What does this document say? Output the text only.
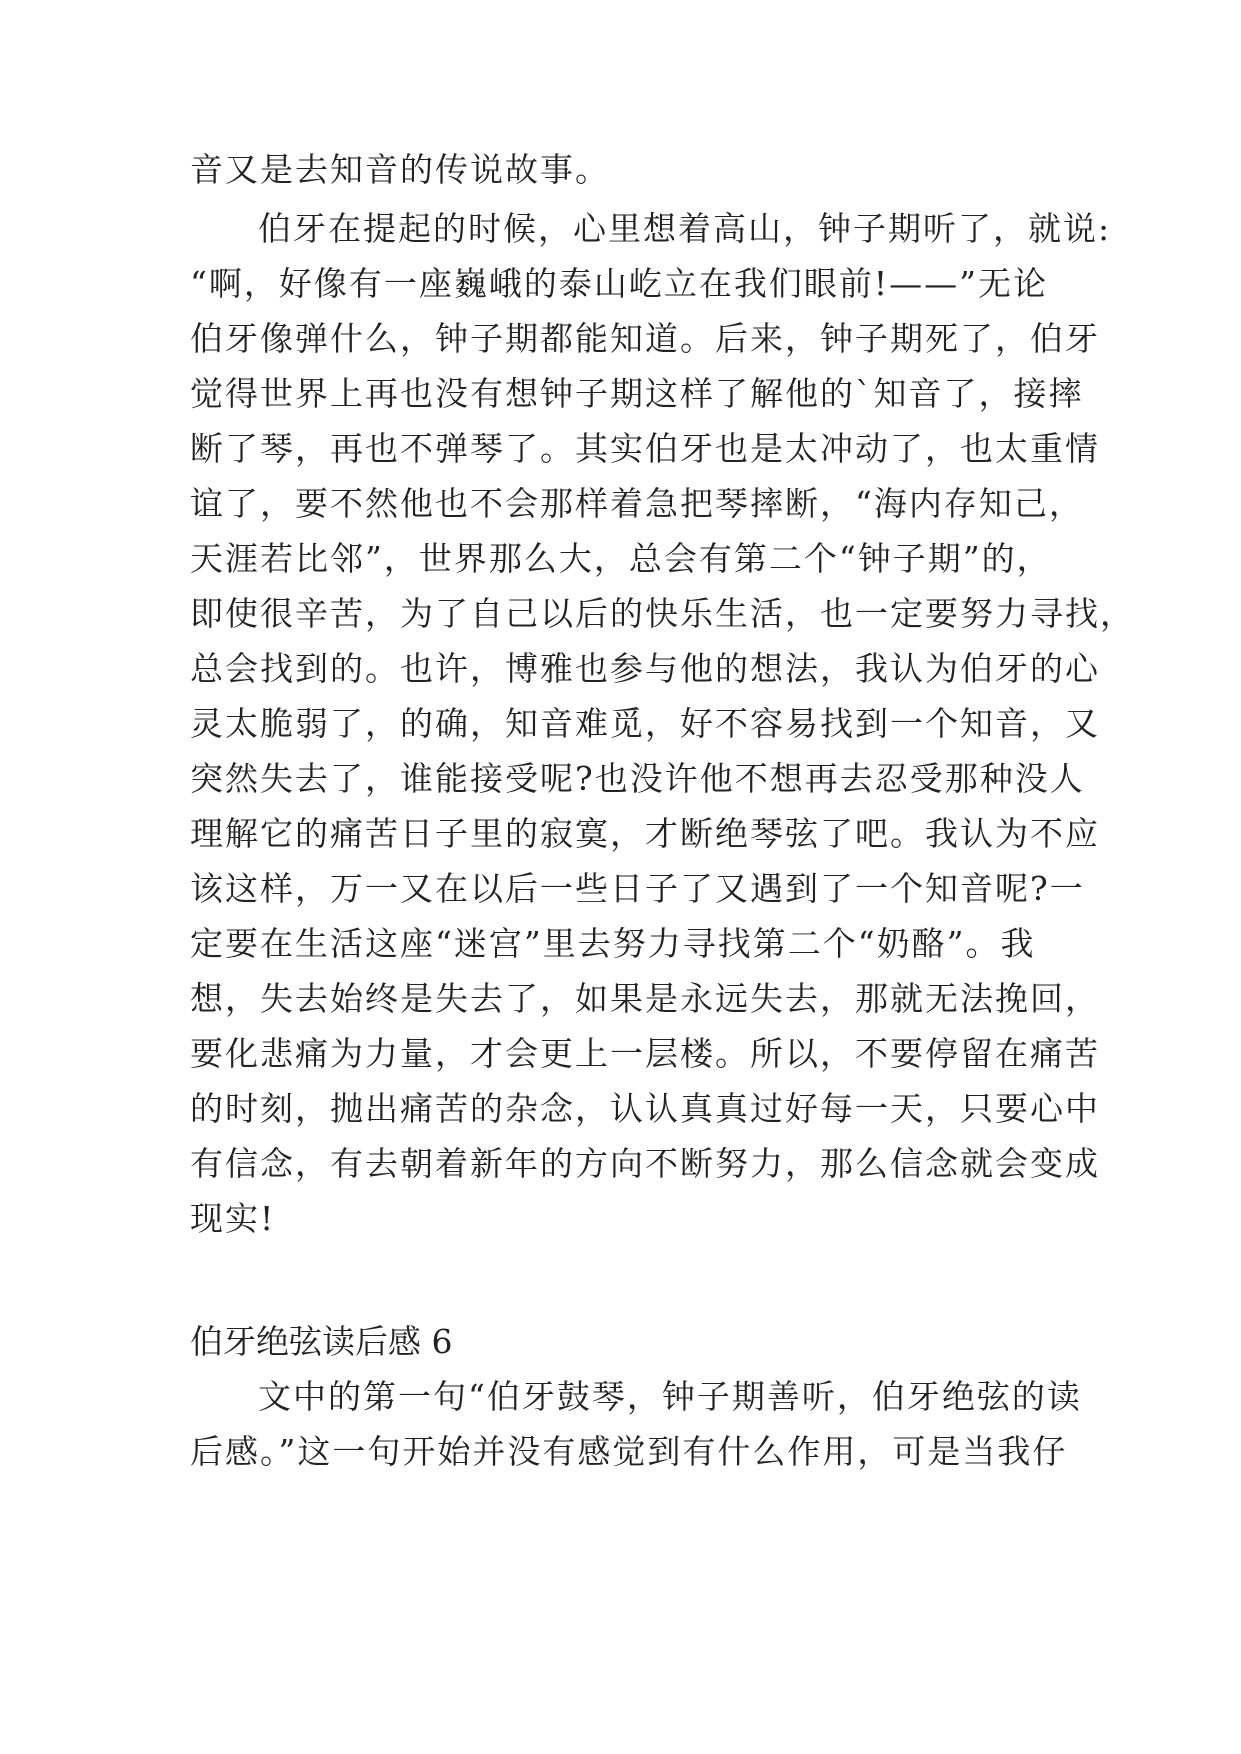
音又是去知音的传说故事。
伯牙在提起的时候，心里想着高山，钟子期听了，就说:
“啊，好像有一座巍峨的泰山屹立在我们眼前!——”无论
伯牙像弹什么，钟子期都能知道。后来，钟子期死了，伯牙
觉得世界上再也没有想钟子期这样了解他的`知音了，接摔
断了琴，再也不弹琴了。其实伯牙也是太冲动了，也太重情
谊了，要不然他也不会那样着急把琴摔断，“海内存知己，
天涯若比邻”，世界那么大，总会有第二个“钟子期”的，
即使很辛苦，为了自己以后的快乐生活，也一定要努力寻找，
总会找到的。也许，博雅也参与他的想法，我认为伯牙的心
灵太脆弱了，的确，知音难觅，好不容易找到一个知音，又
突然失去了，谁能接受呢?也没许他不想再去忍受那种没人
理解它的痛苦日子里的寂寞，才断绝琴弦了吧。我认为不应
该这样，万一又在以后一些日子了又遇到了一个知音呢?一
定要在生活这座“迷宫”里去努力寻找第二个“奶酪”。我
想，失去始终是失去了，如果是永远失去，那就无法挽回，
要化悲痛为力量，才会更上一层楼。所以，不要停留在痛苦
的时刻，抛出痛苦的杂念，认认真真过好每一天，只要心中
有信念，有去朝着新年的方向不断努力，那么信念就会变成
现实!
伯牙绝弦读后感 6
文中的第一句“伯牙鼓琴，钟子期善听，伯牙绝弦的读
后感。”这一句开始并没有感觉到有什么作用，可是当我仔
